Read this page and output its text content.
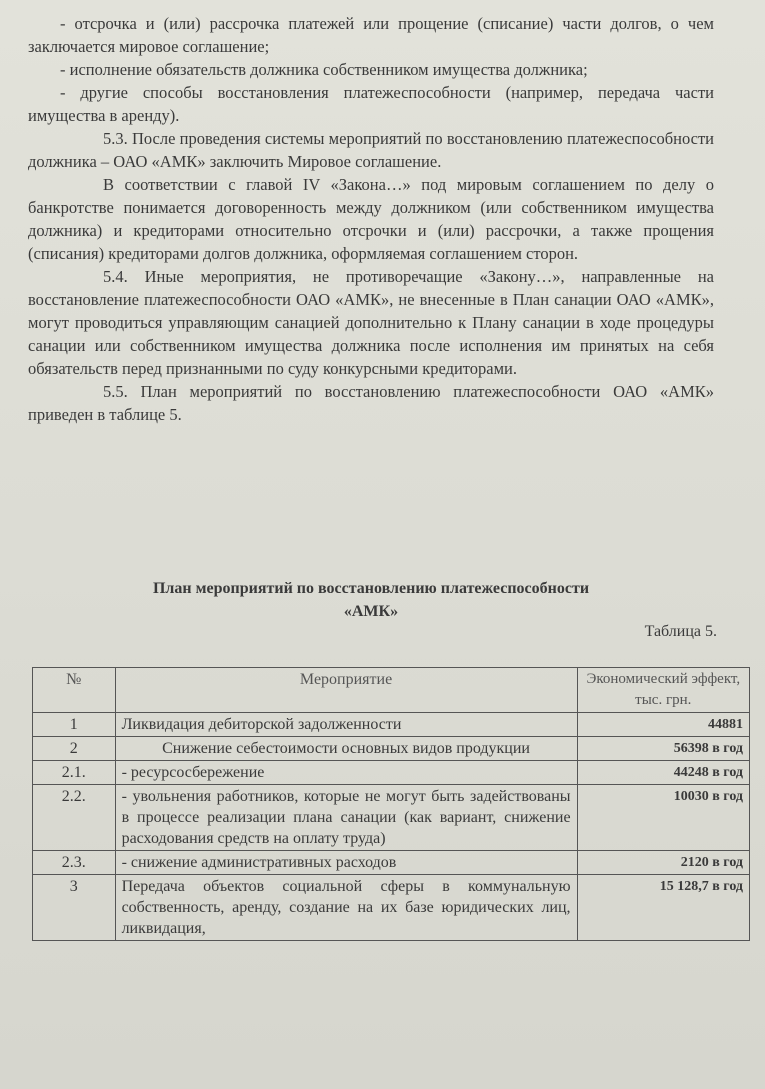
- отсрочка и (или) рассрочка платежей или прощение (списание) части долгов, о чем заключается мировое соглашение;

- исполнение обязательств должника собственником имущества должника;

- другие способы восстановления платежеспособности (например, передача части имущества в аренду).

5.3. После проведения системы мероприятий по восстановлению платежеспособности должника – ОАО «АМК» заключить Мировое соглашение.

В соответствии с главой IV «Закона…» под мировым соглашением по делу о банкротстве понимается договоренность между должником (или собственником имущества должника) и кредиторами относительно отсрочки и (или) рассрочки, а также прощения (списания) кредиторами долгов должника, оформляемая соглашением сторон.

5.4. Иные мероприятия, не противоречащие «Закону…», направленные на восстановление платежеспособности ОАО «АМК», не внесенные в План санации ОАО «АМК», могут проводиться управляющим санацией дополнительно к Плану санации в ходе процедуры санации или собственником имущества должника после исполнения им принятых на себя обязательств перед признанными по суду конкурсными кредиторами.

5.5. План мероприятий по восстановлению платежеспособности ОАО «АМК» приведен в таблице 5.

План мероприятий по восстановлению платежеспособности
«АМК»
Таблица 5.
№	Мероприятие	Экономический эффект, тыс. грн.
1	Ликвидация дебиторской задолженности	44881
2	Снижение себестоимости основных видов продукции	56398 в год
2.1.	- ресурсосбережение	44248 в год
2.2.	- увольнения работников, которые не могут быть задействованы в процессе реализации плана санации (как вариант, снижение расходования средств на оплату труда)	10030 в год
2.3.	- снижение административных расходов	2120 в год
3	Передача объектов социальной сферы в коммунальную собственность, аренду, создание на их базе юридических лиц, ликвидация,	15 128,7 в год
